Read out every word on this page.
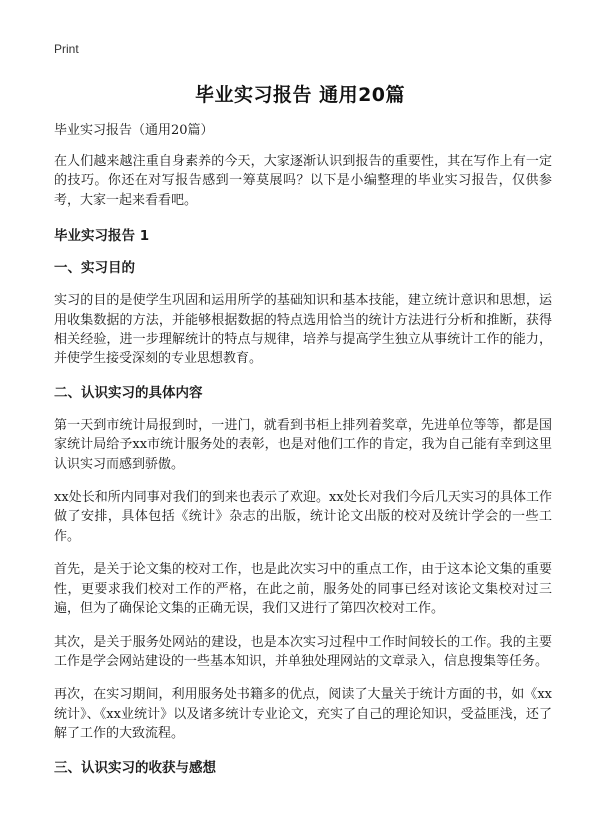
Print
毕业实习报告 通用20篇
毕业实习报告（通用20篇）

在人们越来越注重自身素养的今天，大家逐渐认识到报告的重要性，其在写作上有一定的技巧。你还在对写报告感到一筹莫展吗？以下是小编整理的毕业实习报告，仅供参考，大家一起来看看吧。

毕业实习报告 1
一、实习目的

实习的目的是使学生巩固和运用所学的基础知识和基本技能，建立统计意识和思想，运用收集数据的方法，并能够根据数据的特点选用恰当的统计方法进行分析和推断，获得相关经验，进一步理解统计的特点与规律，培养与提高学生独立从事统计工作的能力，并使学生接受深刻的专业思想教育。

二、认识实习的具体内容

第一天到市统计局报到时，一进门，就看到书柜上排列着奖章，先进单位等等，都是国家统计局给予xx市统计服务处的表彰，也是对他们工作的肯定，我为自己能有幸到这里认识实习而感到骄傲。

xx处长和所内同事对我们的到来也表示了欢迎。xx处长对我们今后几天实习的具体工作做了安排，具体包括《统计》杂志的出版，统计论文出版的校对及统计学会的一些工作。

首先，是关于论文集的校对工作，也是此次实习中的重点工作，由于这本论文集的重要性，更要求我们校对工作的严格，在此之前，服务处的同事已经对该论文集校对过三遍，但为了确保论文集的正确无误，我们又进行了第四次校对工作。

其次，是关于服务处网站的建设，也是本次实习过程中工作时间较长的工作。我的主要工作是学会网站建设的一些基本知识，并单独处理网站的文章录入，信息搜集等任务。

再次，在实习期间，利用服务处书籍多的优点，阅读了大量关于统计方面的书，如《xx统计》、《xx业统计》以及诸多统计专业论文，充实了自己的理论知识，受益匪浅，还了解了工作的大致流程。

三、认识实习的收获与感想
